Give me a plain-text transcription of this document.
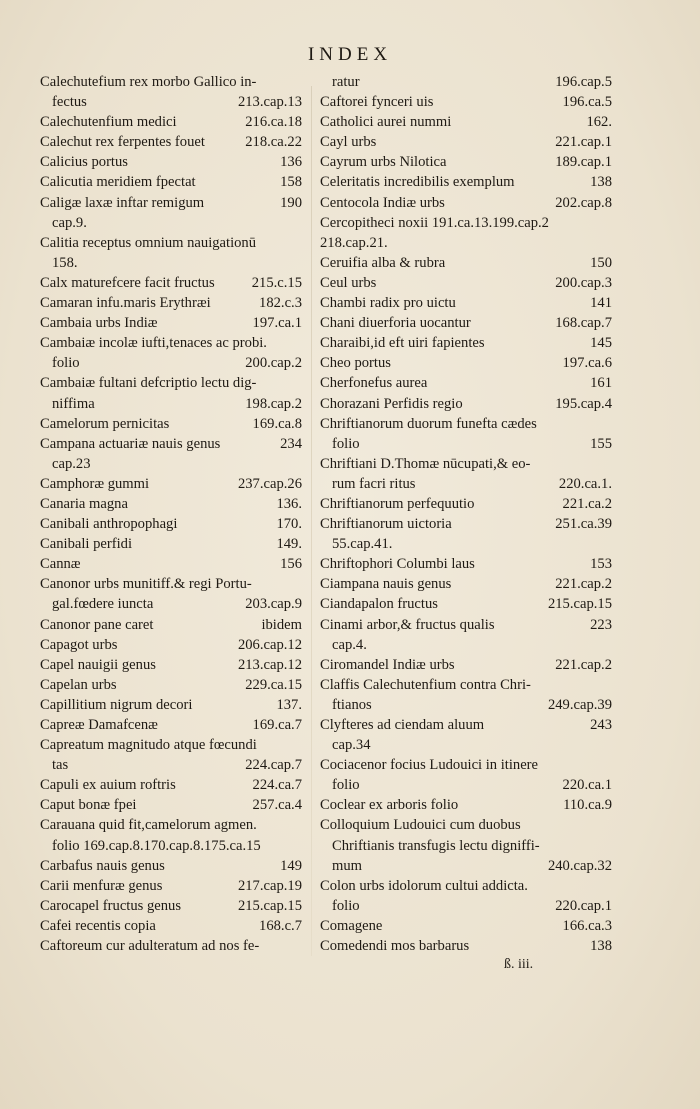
INDEX
Calechutefium rex morbo Gallico in-
fectus	213.cap.13
Calechutenfium medici	216.ca.18
Calechut rex ferpentes fouet	218.ca.22
Calicius portus	136
Calicutia meridiem fpectat	158
Caligæ laxæ inftar remigum	190
cap.9.
Calitia receptus omnium nauigationū
158.
Calx maturefcere facit fructus	215.c.15
Camaran infu.maris Erythræi	182.c.3
Cambaia urbs Indiæ	197.ca.1
Cambaiæ incolæ iufti,tenaces ac probi.
folio	200.cap.2
Cambaiæ fultani defcriptio lectu dig-
niffima	198.cap.2
Camelorum pernicitas	169.ca.8
Campana actuariæ nauis genus	234
cap.23
Camphoræ gummi	237.cap.26
Canaria magna	136.
Canibali anthropophagi	170.
Canibali perfidi	149.
Cannæ	156
Canonor urbs munitiff.& regi Portu-
gal.fœdere iuncta	203.cap.9
Canonor pane caret	ibidem
Capagot urbs	206.cap.12
Capel nauigii genus	213.cap.12
Capelan urbs	229.ca.15
Capillitium nigrum decori	137.
Capreæ Damafcenæ	169.ca.7
Capreatum magnitudo atque fœcundi
tas	224.cap.7
Capuli ex auium roftris	224.ca.7
Caput bonæ fpei	257.ca.4
Carauana quid fit,camelorum agmen.
folio 169.cap.8.170.cap.8.175.ca.15
Carbafus nauis genus	149
Carii menfuræ genus	217.cap.19
Carocapel fructus genus	215.cap.15
Cafei recentis copia	168.c.7
Caftoreum cur adulteratum ad nos fe-
ratur	196.cap.5
Caftorei fynceri uis	196.ca.5
Catholici aurei nummi	162.
Cayl urbs	221.cap.1
Cayrum urbs Nilotica	189.cap.1
Celeritatis incredibilis exemplum	138
Centocola Indiæ urbs	202.cap.8
Cercopitheci noxii 191.ca.13.199.cap.2
218.cap.21.
Ceruifia alba & rubra	150
Ceul urbs	200.cap.3
Chambi radix pro uictu	141
Chani diuerforia uocantur	168.cap.7
Charaibi,id eft uiri fapientes	145
Cheo portus	197.ca.6
Cherfonefus aurea	161
Chorazani Perfidis regio	195.cap.4
Chriftianorum duorum funefta cædes
folio	155
Chriftiani D.Thomæ nūcupati,& eo-
rum facri ritus	220.ca.1.
Chriftianorum perfequutio	221.ca.2
Chriftianorum uictoria	251.ca.39
55.cap.41.
Chriftophori Columbi laus	153
Ciampana nauis genus	221.cap.2
Ciandapalon fructus	215.cap.15
Cinami arbor,& fructus qualis	223
cap.4.
Ciromandel Indiæ urbs	221.cap.2
Claffis Calechutenfium contra Chri-
ftianos	249.cap.39
Clyfteres ad ciendam aluum	243
cap.34
Cociacenor focius Ludouici in itinere
folio	220.ca.1
Coclear ex arboris folio	110.ca.9
Colloquium Ludouici cum duobus
Chriftianis transfugis lectu digniffi-
mum	240.cap.32
Colon urbs idolorum cultui addicta.
folio	220.cap.1
Comagene	166.ca.3
Comedendi mos barbarus	138
ß. iii.
